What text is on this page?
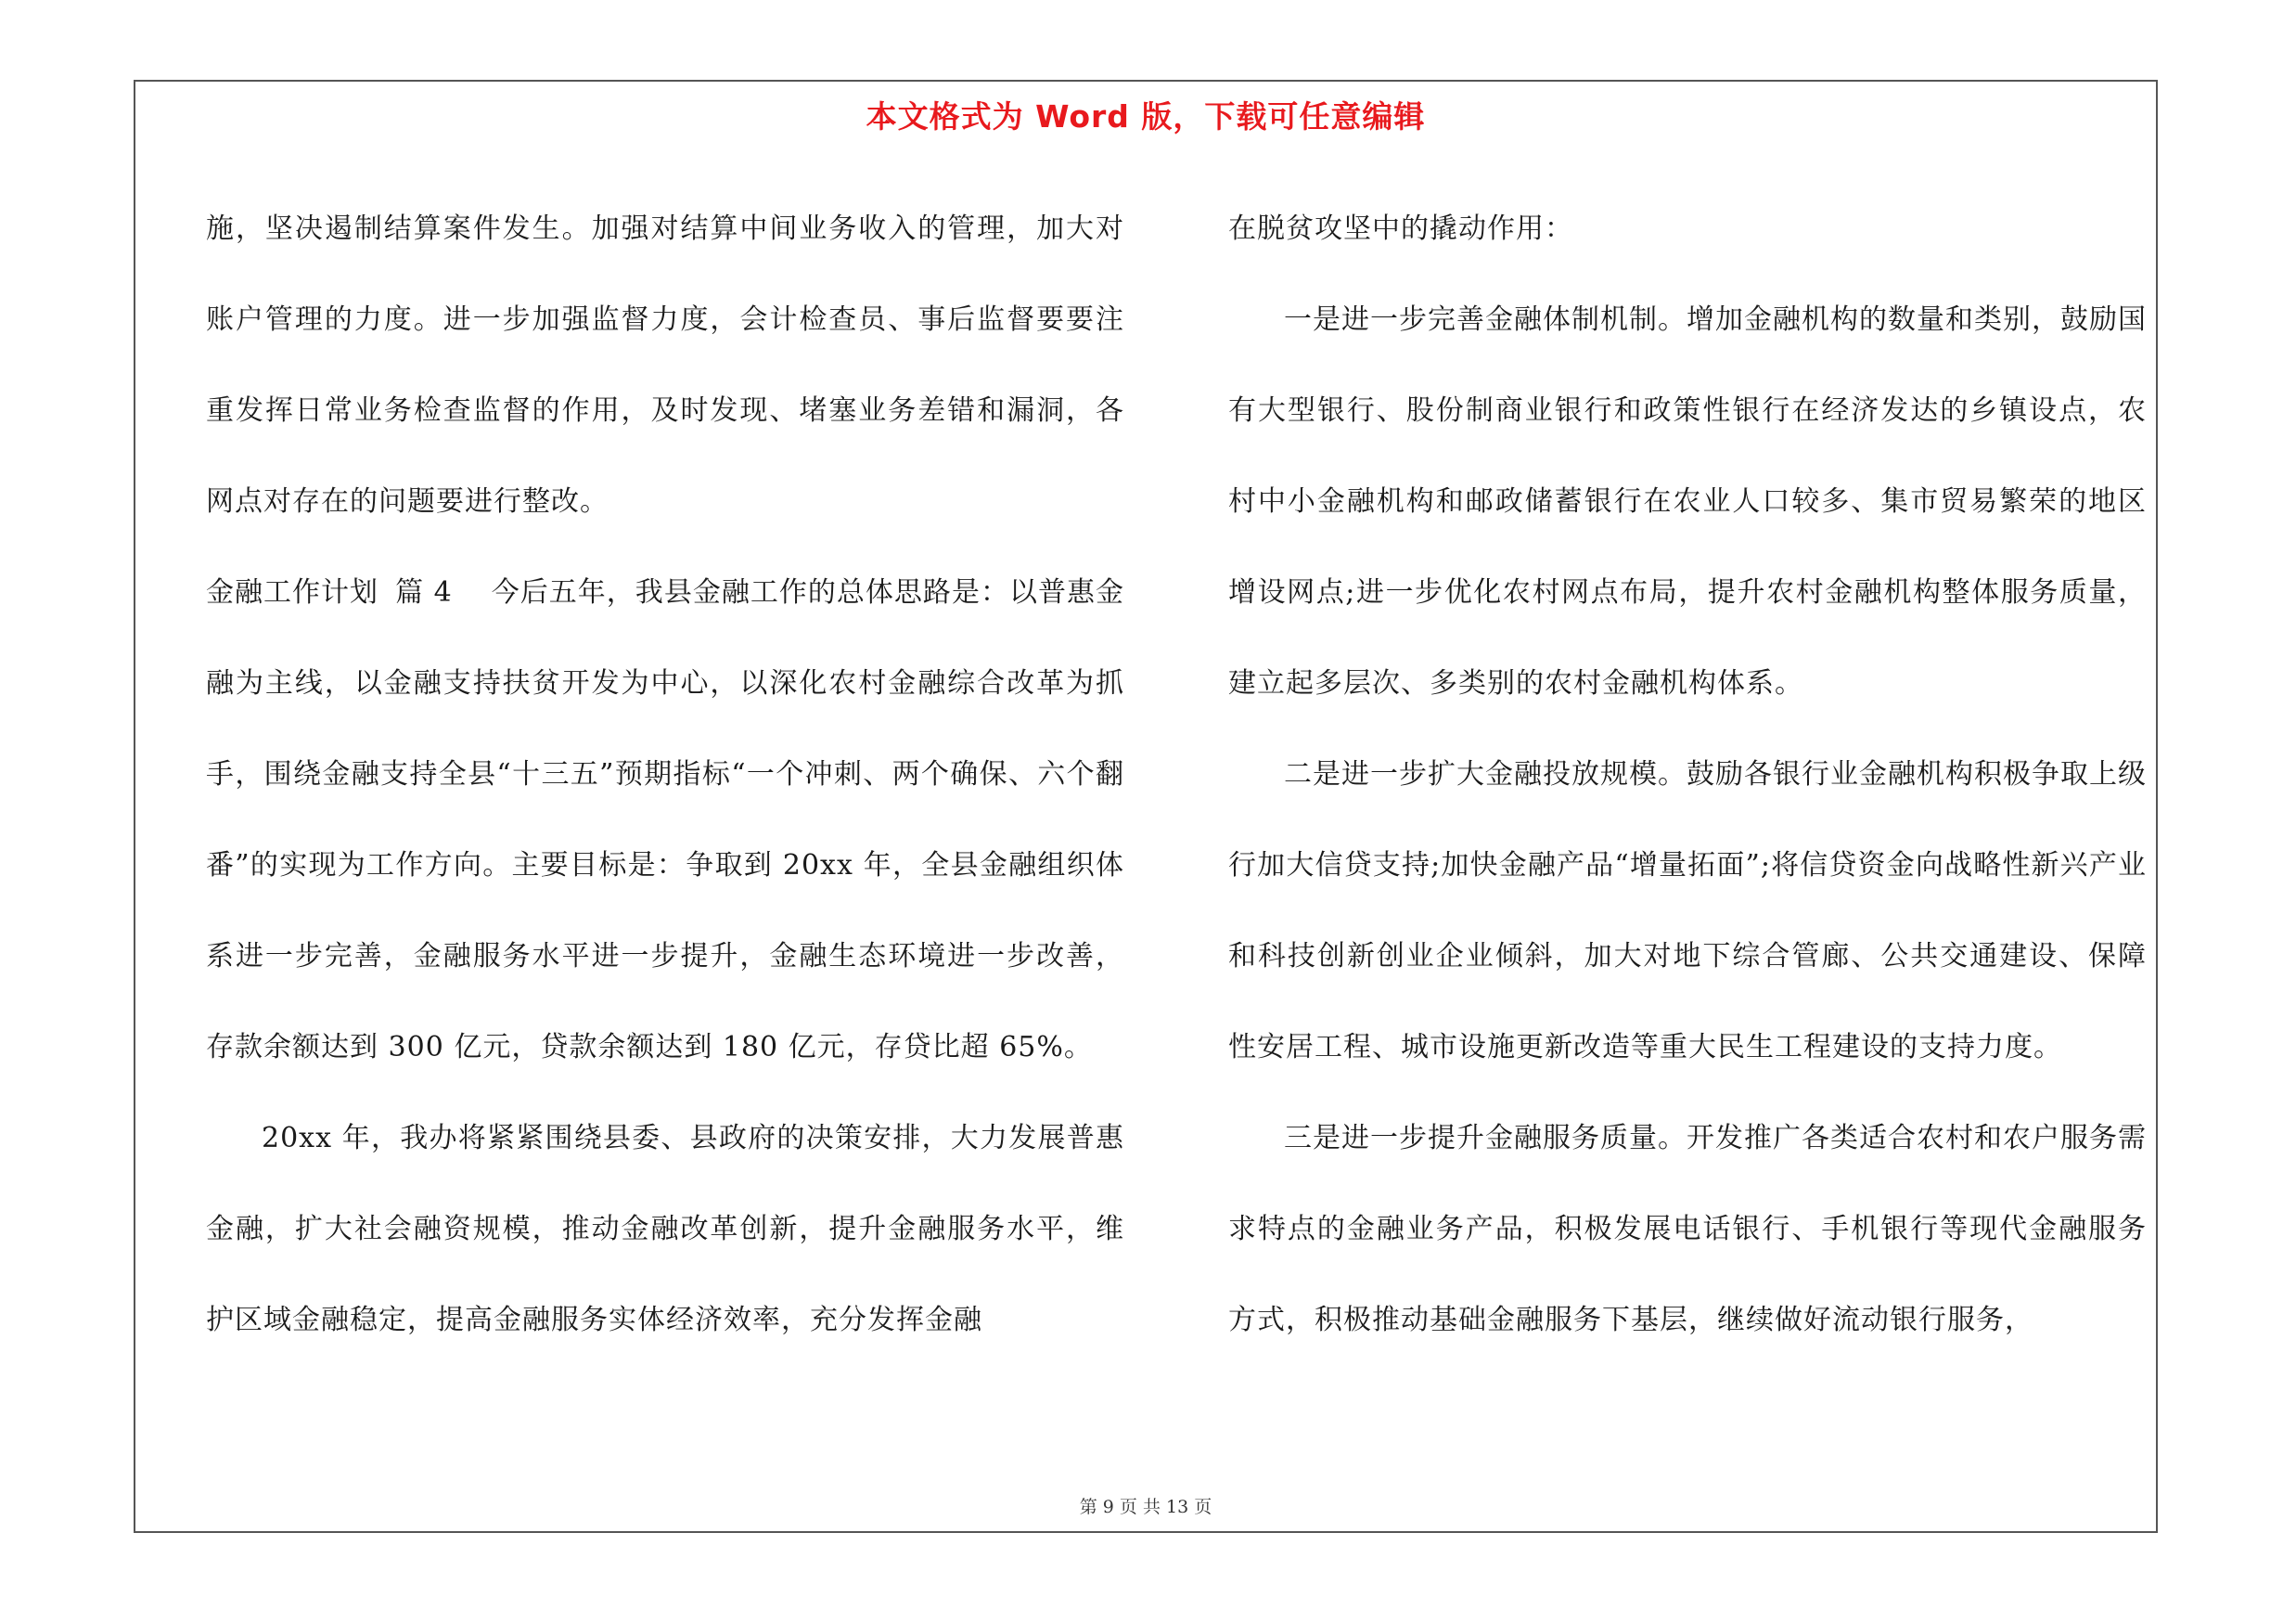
本文格式为 Word 版，下载可任意编辑

施，坚决遏制结算案件发生。加强对结算中间业务收入的管理，加大对账户管理的力度。进一步加强监督力度，会计检查员、事后监督要要注重发挥日常业务检查监督的作用，及时发现、堵塞业务差错和漏洞，各网点对存在的问题要进行整改。

金融工作计划 篇 4 今后五年，我县金融工作的总体思路是：以普惠金融为主线，以金融支持扶贫开发为中心，以深化农村金融综合改革为抓手，围绕金融支持全县“十三五”预期指标“一个冲刺、两个确保、六个翻番”的实现为工作方向。主要目标是：争取到 20xx 年，全县金融组织体系进一步完善，金融服务水平进一步提升，金融生态环境进一步改善，存款余额达到 300 亿元，贷款余额达到 180 亿元，存贷比超 65%。

20xx 年，我办将紧紧围绕县委、县政府的决策安排，大力发展普惠金融，扩大社会融资规模，推动金融改革创新，提升金融服务水平，维护区域金融稳定，提高金融服务实体经济效率，充分发挥金融

在脱贫攻坚中的撬动作用：

一是进一步完善金融体制机制。增加金融机构的数量和类别，鼓励国有大型银行、股份制商业银行和政策性银行在经济发达的乡镇设点，农村中小金融机构和邮政储蓄银行在农业人口较多、集市贸易繁荣的地区增设网点;进一步优化农村网点布局，提升农村金融机构整体服务质量，建立起多层次、多类别的农村金融机构体系。

二是进一步扩大金融投放规模。鼓励各银行业金融机构积极争取上级行加大信贷支持;加快金融产品“增量拓面”;将信贷资金向战略性新兴产业和科技创新创业企业倾斜，加大对地下综合管廊、公共交通建设、保障性安居工程、城市设施更新改造等重大民生工程建设的支持力度。

三是进一步提升金融服务质量。开发推广各类适合农村和农户服务需求特点的金融业务产品，积极发展电话银行、手机银行等现代金融服务方式，积极推动基础金融服务下基层，继续做好流动银行服务，

第 9 页 共 13 页
